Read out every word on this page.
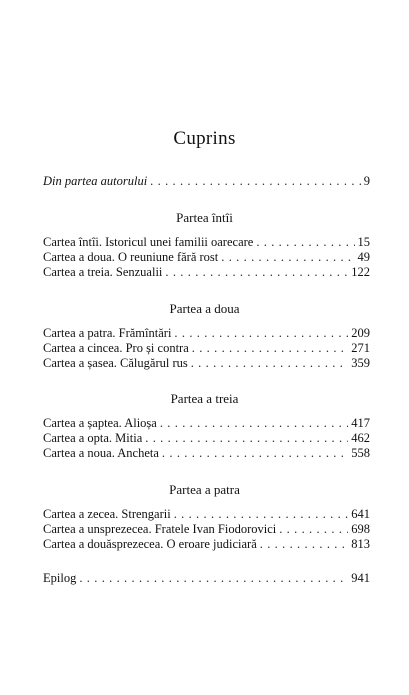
Cuprins
Din partea autorului . . .	9
Partea întîi
Cartea întîi. Istoricul unei familii oarecare . . .	15
Cartea a doua. O reuniune fără rost . . .	49
Cartea a treia. Senzualii . . .	122
Partea a doua
Cartea a patra. Frămîntări . . .	209
Cartea a cincea. Pro și contra . . .	271
Cartea a șasea. Călugărul rus . . .	359
Partea a treia
Cartea a șaptea. Alioșa . . .	417
Cartea a opta. Mitia . . .	462
Cartea a noua. Ancheta . . .	558
Partea a patra
Cartea a zecea. Strengarii . . .	641
Cartea a unsprezecea. Fratele Ivan Fiodorovici . . .	698
Cartea a douăsprezecea. O eroare judiciară . . .	813
Epilog . . .	941
